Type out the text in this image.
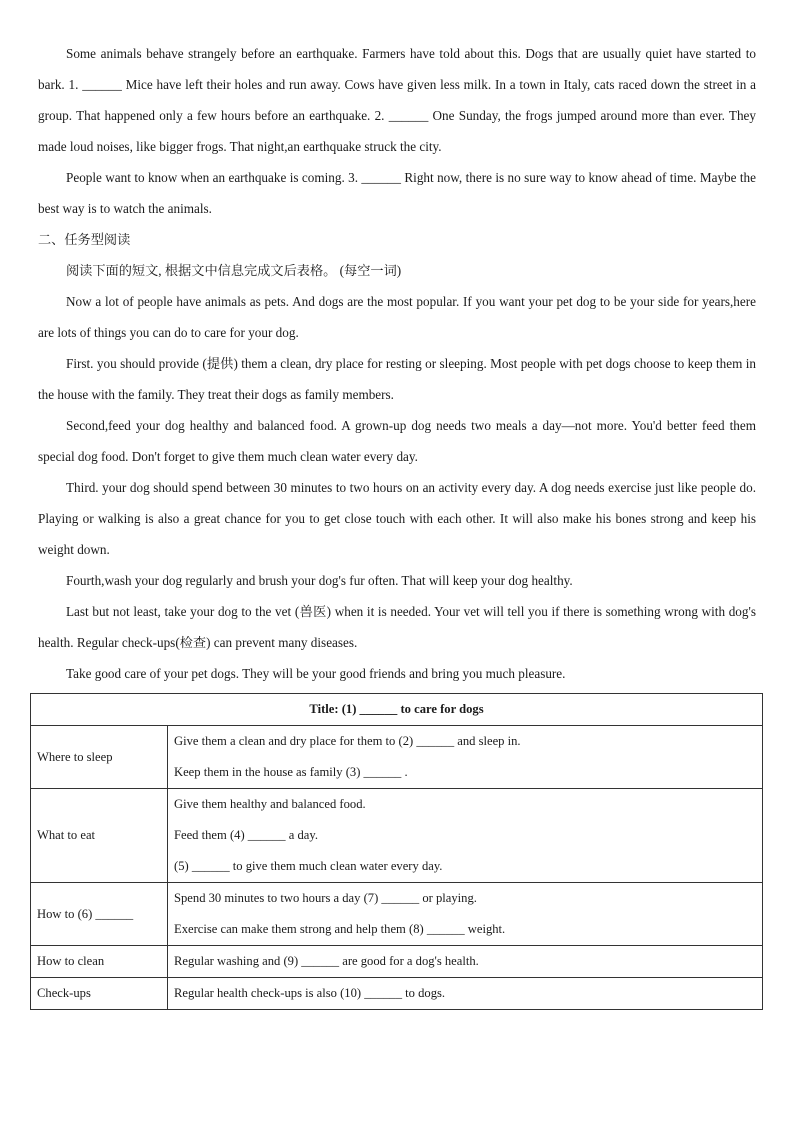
Some animals behave strangely before an earthquake. Farmers have told about this. Dogs that are usually quiet have started to bark. 1. ______ Mice have left their holes and run away. Cows have given less milk. In a town in Italy, cats raced down the street in a group. That happened only a few hours before an earthquake. 2. ______ One Sunday, the frogs jumped around more than ever. They made loud noises, like bigger frogs. That night,an earthquake struck the city.

People want to know when an earthquake is coming. 3. ______ Right now, there is no sure way to know ahead of time. Maybe the best way is to watch the animals.

二、任务型阅读

阅读下面的短文, 根据文中信息完成文后表格。 (每空一词)

Now a lot of people have animals as pets. And dogs are the most popular. If you want your pet dog to be your side for years,here are lots of things you can do to care for your dog.

First. you should provide (提供) them a clean, dry place for resting or sleeping. Most people with pet dogs choose to keep them in the house with the family. They treat their dogs as family members.

Second,feed your dog healthy and balanced food. A grown-up dog needs two meals a day—not more. You'd better feed them special dog food. Don't forget to give them much clean water every day.

Third. your dog should spend between 30 minutes to two hours on an activity every day. A dog needs exercise just like people do. Playing or walking is also a great chance for you to get close touch with each other. It will also make his bones strong and keep his weight down.

Fourth,wash your dog regularly and brush your dog's fur often. That will keep your dog healthy.

Last but not least, take your dog to the vet (兽医) when it is needed. Your vet will tell you if there is something wrong with dog's health. Regular check-ups(检查) can prevent many diseases.

Take good care of your pet dogs. They will be your good friends and bring you much pleasure.

Title: (1) ______ to care for dogs	
Where to sleep	Give them a clean and dry place for them to (2) ______ and sleep in.
Keep them in the house as family (3) ______ .

What to eat	Give them healthy and balanced food.
Feed them (4) ______ a day.
(5) ______ to give them much clean water every day.

How to (6) ______	Spend 30 minutes to two hours a day (7) ______ or playing.
Exercise can make them strong and help them (8) ______ weight.

How to clean	Regular washing and (9) ______ are good for a dog's health.

Check-ups	Regular health check-ups is also (10) ______ to dogs.
